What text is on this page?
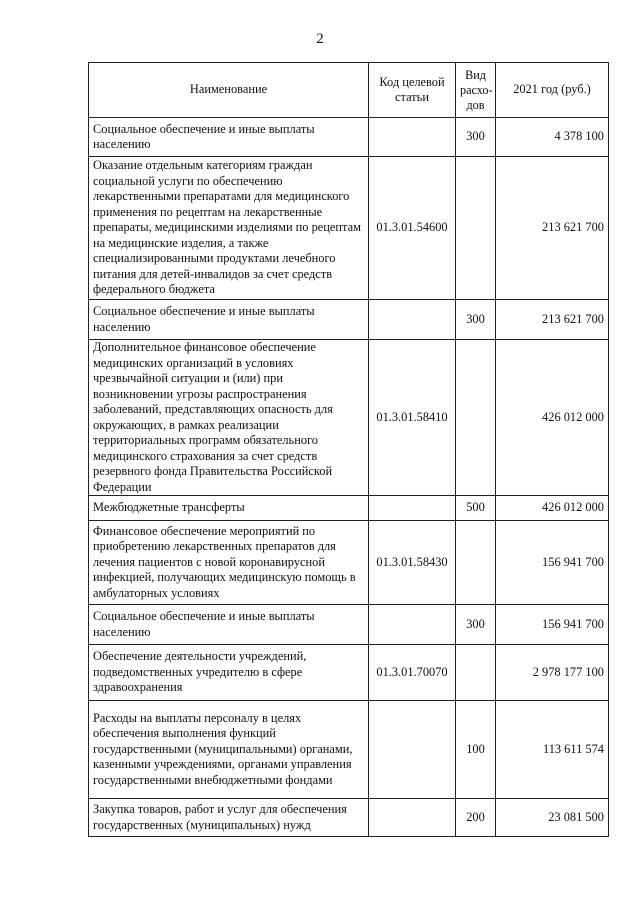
2
Наименование	Код целевой статьи	Вид расхо-дов	2021 год (руб.)
Социальное обеспечение и иные выплаты населению		300	4 378 100
Оказание отдельным категориям граждан социальной услуги по обеспечению лекарственными препаратами для медицинского применения по рецептам на лекарственные препараты, медицинскими изделиями по рецептам на медицинские изделия, а также специализированными продуктами лечебного питания для детей-инвалидов за счет средств федерального бюджета	01.3.01.54600		213 621 700
Социальное обеспечение и иные выплаты населению		300	213 621 700
Дополнительное финансовое обеспечение медицинских организаций в условиях чрезвычайной ситуации и (или) при возникновении угрозы распространения заболеваний, представляющих опасность для окружающих, в рамках реализации территориальных программ обязательного медицинского страхования за счет средств резервного фонда Правительства Российской Федерации	01.3.01.58410		426 012 000
Межбюджетные трансферты		500	426 012 000
Финансовое обеспечение мероприятий по приобретению лекарственных препаратов для лечения пациентов с новой коронавирусной инфекцией, получающих медицинскую помощь в амбулаторных условиях	01.3.01.58430		156 941 700
Социальное обеспечение и иные выплаты населению		300	156 941 700
Обеспечение деятельности учреждений, подведомственных учредителю в сфере здравоохранения	01.3.01.70070		2 978 177 100
Расходы на выплаты персоналу в целях обеспечения выполнения функций государственными (муниципальными) органами, казенными учреждениями, органами управления государственными внебюджетными фондами		100	113 611 574
Закупка товаров, работ и услуг для обеспечения государственных (муниципальных) нужд		200	23 081 500
